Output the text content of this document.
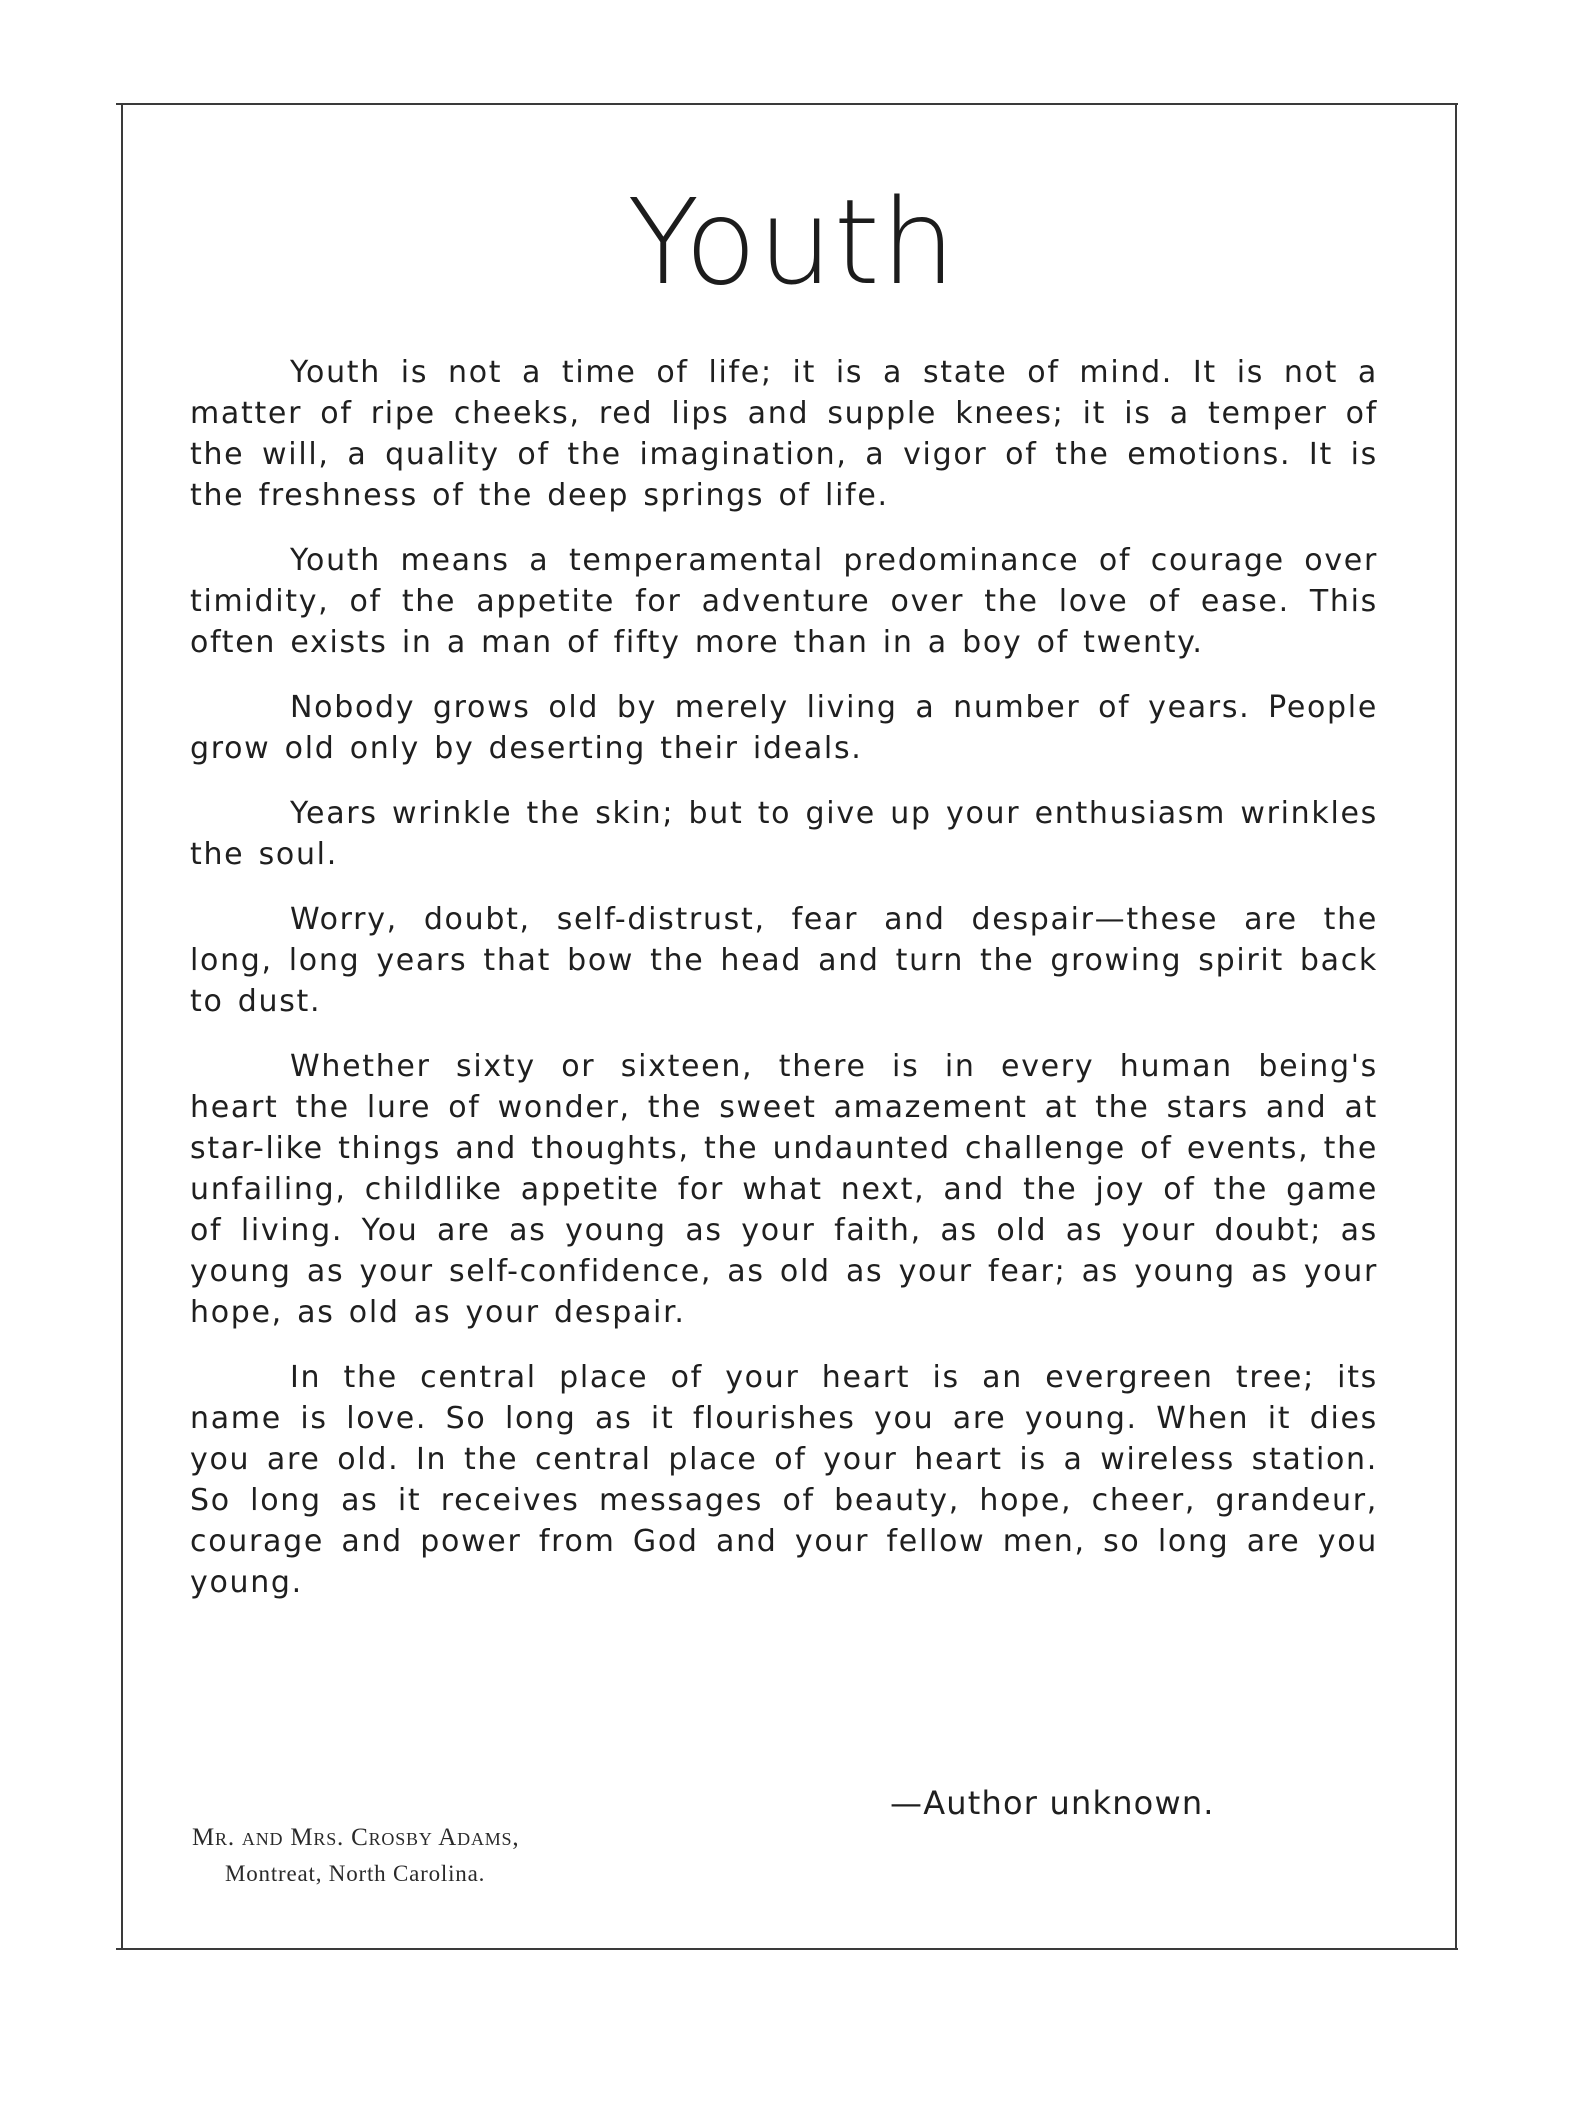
Youth

Youth is not a time of life; it is a state of mind. It is not a matter of ripe cheeks, red lips and supple knees; it is a temper of the will, a quality of the imagination, a vigor of the emotions. It is the freshness of the deep springs of life.

Youth means a temperamental predominance of courage over timidity, of the appetite for adventure over the love of ease. This often exists in a man of fifty more than in a boy of twenty.

Nobody grows old by merely living a number of years. People grow old only by deserting their ideals.

Years wrinkle the skin; but to give up your enthusiasm wrinkles the soul.

Worry, doubt, self-distrust, fear and despair—these are the long, long years that bow the head and turn the growing spirit back to dust.

Whether sixty or sixteen, there is in every human being's heart the lure of wonder, the sweet amazement at the stars and at star-like things and thoughts, the undaunted challenge of events, the unfailing, childlike appetite for what next, and the joy of the game of living. You are as young as your faith, as old as your doubt; as young as your self-confidence, as old as your fear; as young as your hope, as old as your despair.

In the central place of your heart is an evergreen tree; its name is love. So long as it flourishes you are young. When it dies you are old. In the central place of your heart is a wireless station. So long as it receives messages of beauty, hope, cheer, grandeur, courage and power from God and your fellow men, so long are you young.

—Author unknown.
Mr. and Mrs. Crosby Adams,
Montreat, North Carolina.
